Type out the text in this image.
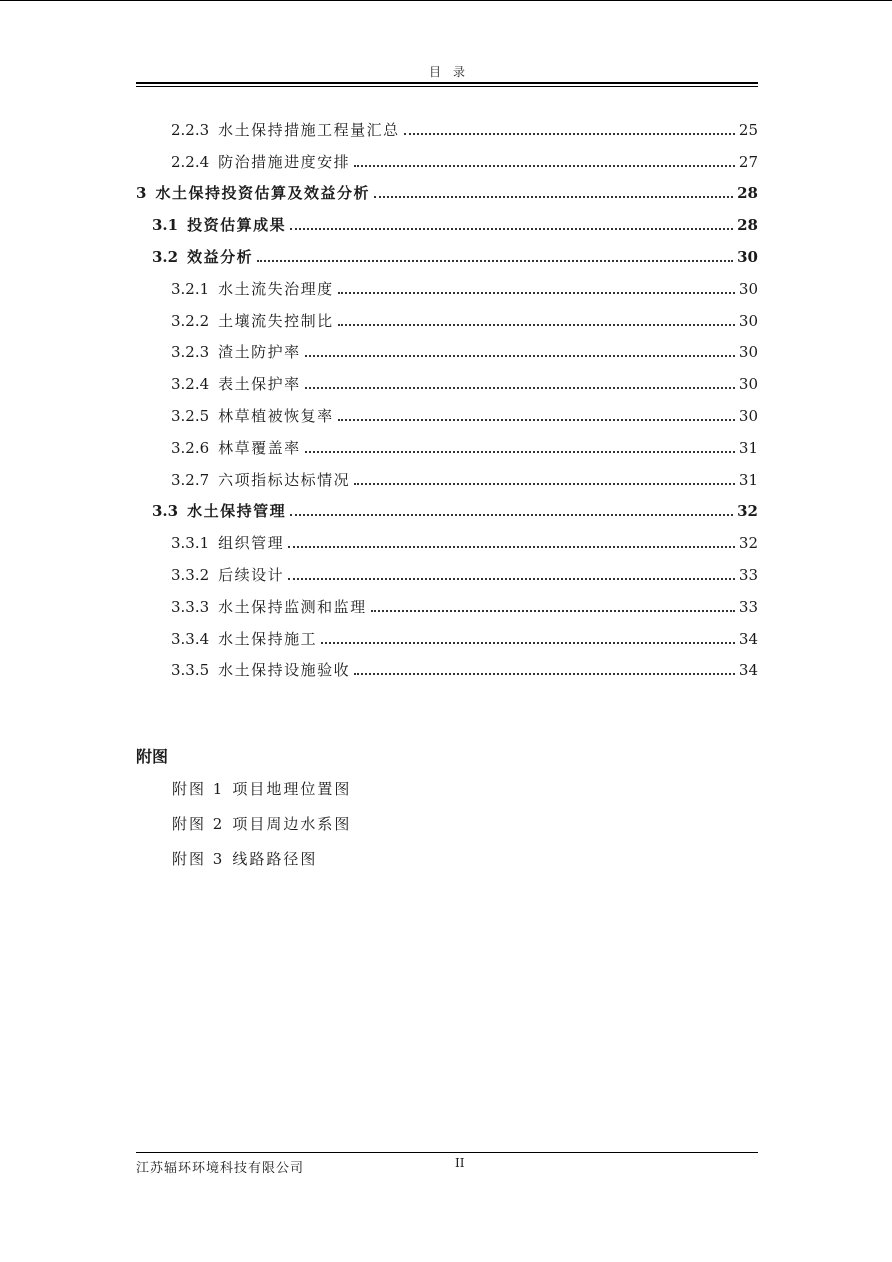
目录
2.2.3 水土保持措施工程量汇总	25
2.2.4 防治措施进度安排	27
3 水土保持投资估算及效益分析	28
3.1 投资估算成果	28
3.2 效益分析	30
3.2.1 水土流失治理度	30
3.2.2 土壤流失控制比	30
3.2.3 渣土防护率	30
3.2.4 表土保护率	30
3.2.5 林草植被恢复率	30
3.2.6 林草覆盖率	31
3.2.7 六项指标达标情况	31
3.3 水土保持管理	32
3.3.1 组织管理	32
3.3.2 后续设计	33
3.3.3 水土保持监测和监理	33
3.3.4 水土保持施工	34
3.3.5 水土保持设施验收	34
附图
附图 1 项目地理位置图
附图 2 项目周边水系图
附图 3 线路路径图
江苏辐环环境科技有限公司	II
